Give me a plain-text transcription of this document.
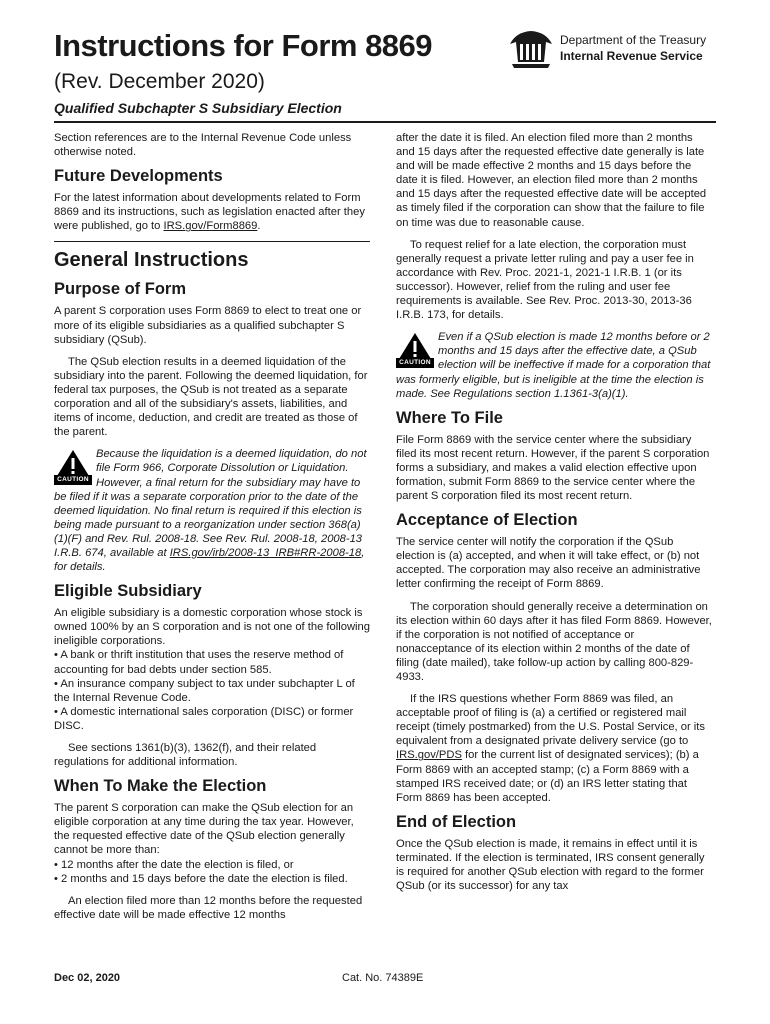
Instructions for Form 8869
(Rev. December 2020)
Qualified Subchapter S Subsidiary Election
Department of the Treasury
Internal Revenue Service

Section references are to the Internal Revenue Code unless otherwise noted.

Future Developments

For the latest information about developments related to Form 8869 and its instructions, such as legislation enacted after they were published, go to IRS.gov/Form8869.

General Instructions
Purpose of Form

A parent S corporation uses Form 8869 to elect to treat one or more of its eligible subsidiaries as a qualified subchapter S subsidiary (QSub).

The QSub election results in a deemed liquidation of the subsidiary into the parent. Following the deemed liquidation, for federal tax purposes, the QSub is not treated as a separate corporation and all of the subsidiary's assets, liabilities, and items of income, deduction, and credit are treated as those of the parent.

CAUTION
Because the liquidation is a deemed liquidation, do not file Form 966, Corporate Dissolution or Liquidation. However, a final return for the subsidiary may have to be filed if it was a separate corporation prior to the date of the deemed liquidation. No final return is required if this election is being made pursuant to a reorganization under section 368(a)(1)(F) and Rev. Rul. 2008-18. See Rev. Rul. 2008-18, 2008-13 I.R.B. 674, available at IRS.gov/irb/2008-13_IRB#RR-2008-18, for details.
Eligible Subsidiary

An eligible subsidiary is a domestic corporation whose stock is owned 100% by an S corporation and is not one of the following ineligible corporations.

• A bank or thrift institution that uses the reserve method of accounting for bad debts under section 585.

• An insurance company subject to tax under subchapter L of the Internal Revenue Code.

• A domestic international sales corporation (DISC) or former DISC.

See sections 1361(b)(3), 1362(f), and their related regulations for additional information.

When To Make the Election

The parent S corporation can make the QSub election for an eligible corporation at any time during the tax year. However, the requested effective date of the QSub election generally cannot be more than:

• 12 months after the date the election is filed, or

• 2 months and 15 days before the date the election is filed.

An election filed more than 12 months before the requested effective date will be made effective 12 months

after the date it is filed. An election filed more than 2 months and 15 days after the requested effective date generally is late and will be made effective 2 months and 15 days before the date it is filed. However, an election filed more than 2 months and 15 days after the requested effective date will be accepted as timely filed if the corporation can show that the failure to file on time was due to reasonable cause.

To request relief for a late election, the corporation must generally request a private letter ruling and pay a user fee in accordance with Rev. Proc. 2021-1, 2021-1 I.R.B. 1 (or its successor). However, relief from the ruling and user fee requirements is available. See Rev. Proc. 2013-30, 2013-36 I.R.B. 173, for details.

CAUTION
Even if a QSub election is made 12 months before or 2 months and 15 days after the effective date, a QSub election will be ineffective if made for a corporation that was formerly eligible, but is ineligible at the time the election is made. See Regulations section 1.1361-3(a)(1).
Where To File

File Form 8869 with the service center where the subsidiary filed its most recent return. However, if the parent S corporation forms a subsidiary, and makes a valid election effective upon formation, submit Form 8869 to the service center where the parent S corporation filed its most recent return.

Acceptance of Election

The service center will notify the corporation if the QSub election is (a) accepted, and when it will take effect, or (b) not accepted. The corporation may also receive an administrative letter confirming the receipt of Form 8869.

The corporation should generally receive a determination on its election within 60 days after it has filed Form 8869. However, if the corporation is not notified of acceptance or nonacceptance of its election within 2 months of the date of filing (date mailed), take follow-up action by calling 800-829-4933.

If the IRS questions whether Form 8869 was filed, an acceptable proof of filing is (a) a certified or registered mail receipt (timely postmarked) from the U.S. Postal Service, or its equivalent from a designated private delivery service (go to IRS.gov/PDS for the current list of designated services); (b) a Form 8869 with an accepted stamp; (c) a Form 8869 with a stamped IRS received date; or (d) an IRS letter stating that Form 8869 has been accepted.

End of Election

Once the QSub election is made, it remains in effect until it is terminated. If the election is terminated, IRS consent generally is required for another QSub election with regard to the former QSub (or its successor) for any tax

Dec 02, 2020	Cat. No. 74389E
